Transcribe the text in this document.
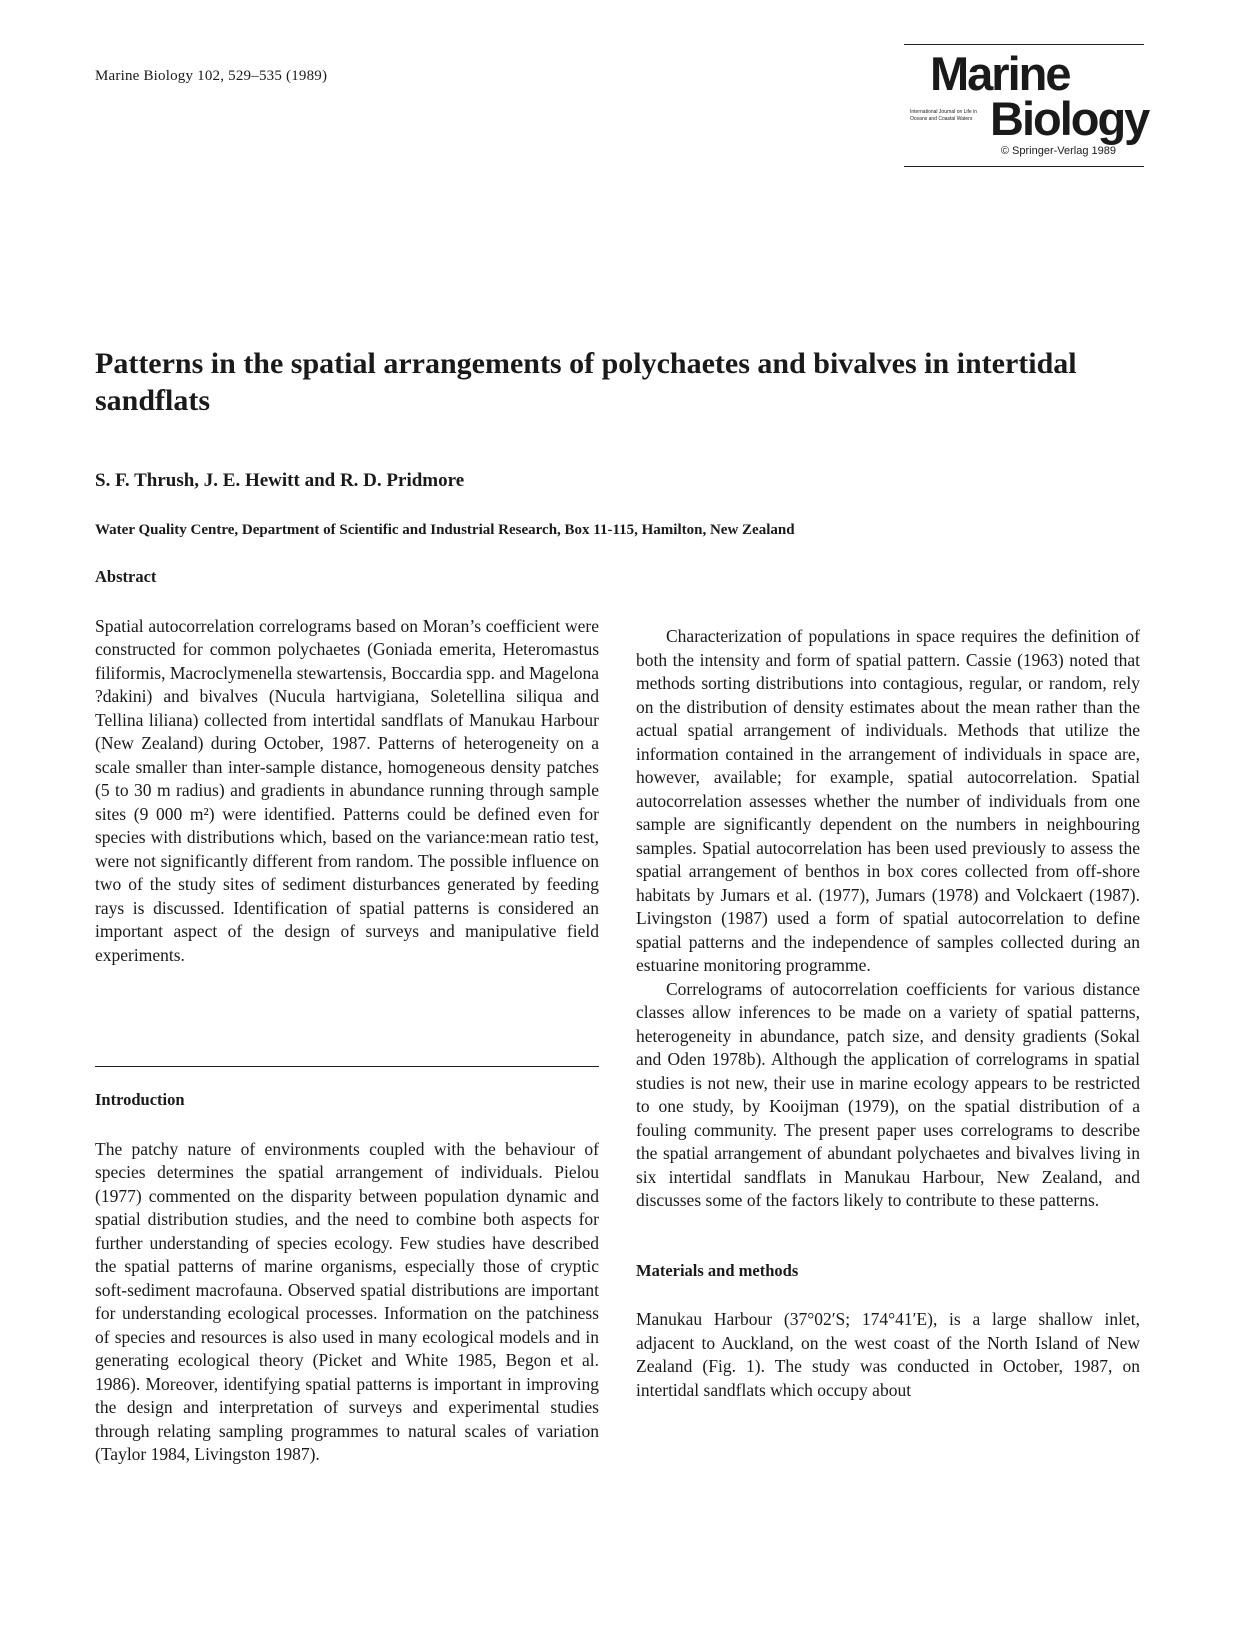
Marine Biology 102, 529–535 (1989)	Marine
International Journal on Life in Oceans and Coastal Waters Biology
© Springer-Verlag 1989
Patterns in the spatial arrangements of polychaetes and bivalves in intertidal sandflats
S. F. Thrush, J. E. Hewitt and R. D. Pridmore
Water Quality Centre, Department of Scientific and Industrial Research, Box 11-115, Hamilton, New Zealand
Abstract

Spatial autocorrelation correlograms based on Moran’s coefficient were constructed for common polychaetes (Goniada emerita, Heteromastus filiformis, Macroclymenella stewartensis, Boccardia spp. and Magelona ?dakini) and bivalves (Nucula hartvigiana, Soletellina siliqua and Tellina liliana) collected from intertidal sandflats of Manukau Harbour (New Zealand) during October, 1987. Patterns of heterogeneity on a scale smaller than inter-sample distance, homogeneous density patches (5 to 30 m radius) and gradients in abundance running through sample sites (9 000 m²) were identified. Patterns could be defined even for species with distributions which, based on the variance:mean ratio test, were not significantly different from random. The possible influence on two of the study sites of sediment disturbances generated by feeding rays is discussed. Identification of spatial patterns is considered an important aspect of the design of surveys and manipulative field experiments.

Introduction

The patchy nature of environments coupled with the behaviour of species determines the spatial arrangement of individuals. Pielou (1977) commented on the disparity between population dynamic and spatial distribution studies, and the need to combine both aspects for further understanding of species ecology. Few studies have described the spatial patterns of marine organisms, especially those of cryptic soft-sediment macrofauna. Observed spatial distributions are important for understanding ecological processes. Information on the patchiness of species and resources is also used in many ecological models and in generating ecological theory (Picket and White 1985, Begon et al. 1986). Moreover, identifying spatial patterns is important in improving the design and interpretation of surveys and experimental studies through relating sampling programmes to natural scales of variation (Taylor 1984, Livingston 1987).

Characterization of populations in space requires the definition of both the intensity and form of spatial pattern. Cassie (1963) noted that methods sorting distributions into contagious, regular, or random, rely on the distribution of density estimates about the mean rather than the actual spatial arrangement of individuals. Methods that utilize the information contained in the arrangement of individuals in space are, however, available; for example, spatial autocorrelation. Spatial autocorrelation assesses whether the number of individuals from one sample are significantly dependent on the numbers in neighbouring samples. Spatial autocorrelation has been used previously to assess the spatial arrangement of benthos in box cores collected from off-shore habitats by Jumars et al. (1977), Jumars (1978) and Volckaert (1987). Livingston (1987) used a form of spatial autocorrelation to define spatial patterns and the independence of samples collected during an estuarine monitoring programme.

Correlograms of autocorrelation coefficients for various distance classes allow inferences to be made on a variety of spatial patterns, heterogeneity in abundance, patch size, and density gradients (Sokal and Oden 1978b). Although the application of correlograms in spatial studies is not new, their use in marine ecology appears to be restricted to one study, by Kooijman (1979), on the spatial distribution of a fouling community. The present paper uses correlograms to describe the spatial arrangement of abundant polychaetes and bivalves living in six intertidal sandflats in Manukau Harbour, New Zealand, and discusses some of the factors likely to contribute to these patterns.

Materials and methods

Manukau Harbour (37°02′S; 174°41′E), is a large shallow inlet, adjacent to Auckland, on the west coast of the North Island of New Zealand (Fig. 1). The study was conducted in October, 1987, on intertidal sandflats which occupy about
